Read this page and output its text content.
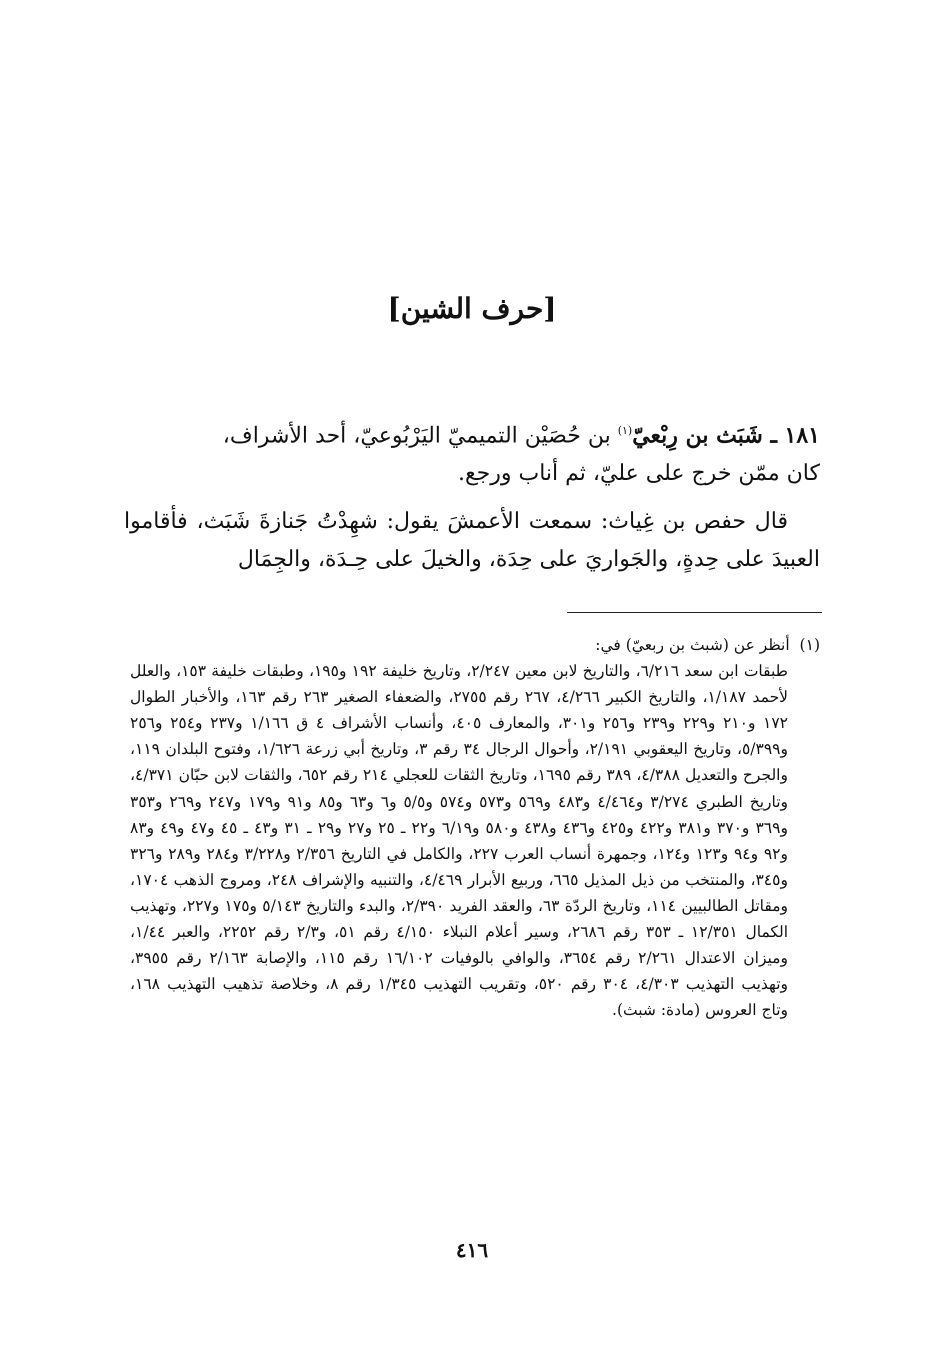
[حرف الشين]

١٨١ ـ شَبَث بن رِبْعيّ$^{(١)}$ بن حُصَيْن التميميّ اليَرْبُوعيّ، أحد الأشراف،
كان ممّن خرج على عليّ، ثم أناب ورجع.

قال حفص بن غِياث: سمعت الأعمشَ يقول: شهِدْتُ جَنازةَ شَبَث، فأقاموا العبيدَ على حِدةٍ، والجَواريَ على حِدَة، والخيلَ على حِـدَة، والجِمَال

(١)  أنظر عن (شبث بن ربعيّ) في:

طبقات ابن سعد ٦/٢١٦، والتاريخ لابن معين ٢/٢٤٧، وتاريخ خليفة ١٩٢ و١٩٥، وطبقات خليفة ١٥٣، والعلل لأحمد ١/١٨٧، والتاريخ الكبير ٤/٢٦٦، ٢٦٧ رقم ٢٧٥٥، والضعفاء الصغير ٢٦٣ رقم ١٦٣، والأخبار الطوال ١٧٢ و٢١٠ و٢٢٩ و٢٣٩ و٢٥٦ و٣٠١، والمعارف ٤٠٥، وأنساب الأشراف ٤ ق ١/١٦٦ و٢٣٧ و٢٥٤ و٢٥٦ و٥/٣٩٩، وتاريخ اليعقوبي ٢/١٩١، وأحوال الرجال ٣٤ رقم ٣، وتاريخ أبي زرعة ١/٦٢٦، وفتوح البلدان ١١٩، والجرح والتعديل ٤/٣٨٨، ٣٨٩ رقم ١٦٩٥، وتاريخ الثقات للعجلي ٢١٤ رقم ٦٥٢، والثقات لابن حبّان ٤/٣٧١، وتاريخ الطبري ٣/٢٧٤ و٤/٤٦٤ و٤٨٣ و٥٦٩ و٥٧٣ و٥٧٤ و٥/٥ و٦ و٦٣ و٨٥ و٩١ و١٧٩ و٢٤٧ و٢٦٩ و٣٥٣ و٣٦٩ و٣٧٠ و٣٨١ و٤٢٢ و٤٢٥ و٤٣٦ و٤٣٨ و٥٨٠ و٦/١٩ و٢٢ ـ ٢٥ و٢٧ و٢٩ ـ ٣١ و٤٣ ـ ٤٥ و٤٧ و٤٩ و٨٣ و٩٢ و٩٤ و١٢٣ و١٢٤، وجمهرة أنساب العرب ٢٢٧، والكامل في التاريخ ٢/٣٥٦ و٣/٢٢٨ و٢٨٤ و٢٨٩ و٣٢٦ و٣٤٥، والمنتخب من ذيل المذيل ٦٦٥، وربيع الأبرار ٤/٤٦٩، والتنبيه والإشراف ٢٤٨، ومروج الذهب ١٧٠٤، ومقاتل الطالبيين ١١٤، وتاريخ الردّة ٦٣، والعقد الفريد ٢/٣٩٠، والبدء والتاريخ ٥/١٤٣ و١٧٥ و٢٢٧، وتهذيب الكمال ١٢/٣٥١ ـ ٣٥٣ رقم ٢٦٨٦، وسير أعلام النبلاء ٤/١٥٠ رقم ٥١، و٢/٣ رقم ٢٢٥٢، والعبر ١/٤٤، وميزان الاعتدال ٢/٢٦١ رقم ٣٦٥٤، والوافي بالوفيات ١٦/١٠٢ رقم ١١٥، والإصابة ٢/١٦٣ رقم ٣٩٥٥، وتهذيب التهذيب ٤/٣٠٣، ٣٠٤ رقم ٥٢٠، وتقريب التهذيب ١/٣٤٥ رقم ٨، وخلاصة تذهيب التهذيب ١٦٨، وتاج العروس (مادة: شبث).

٤١٦
